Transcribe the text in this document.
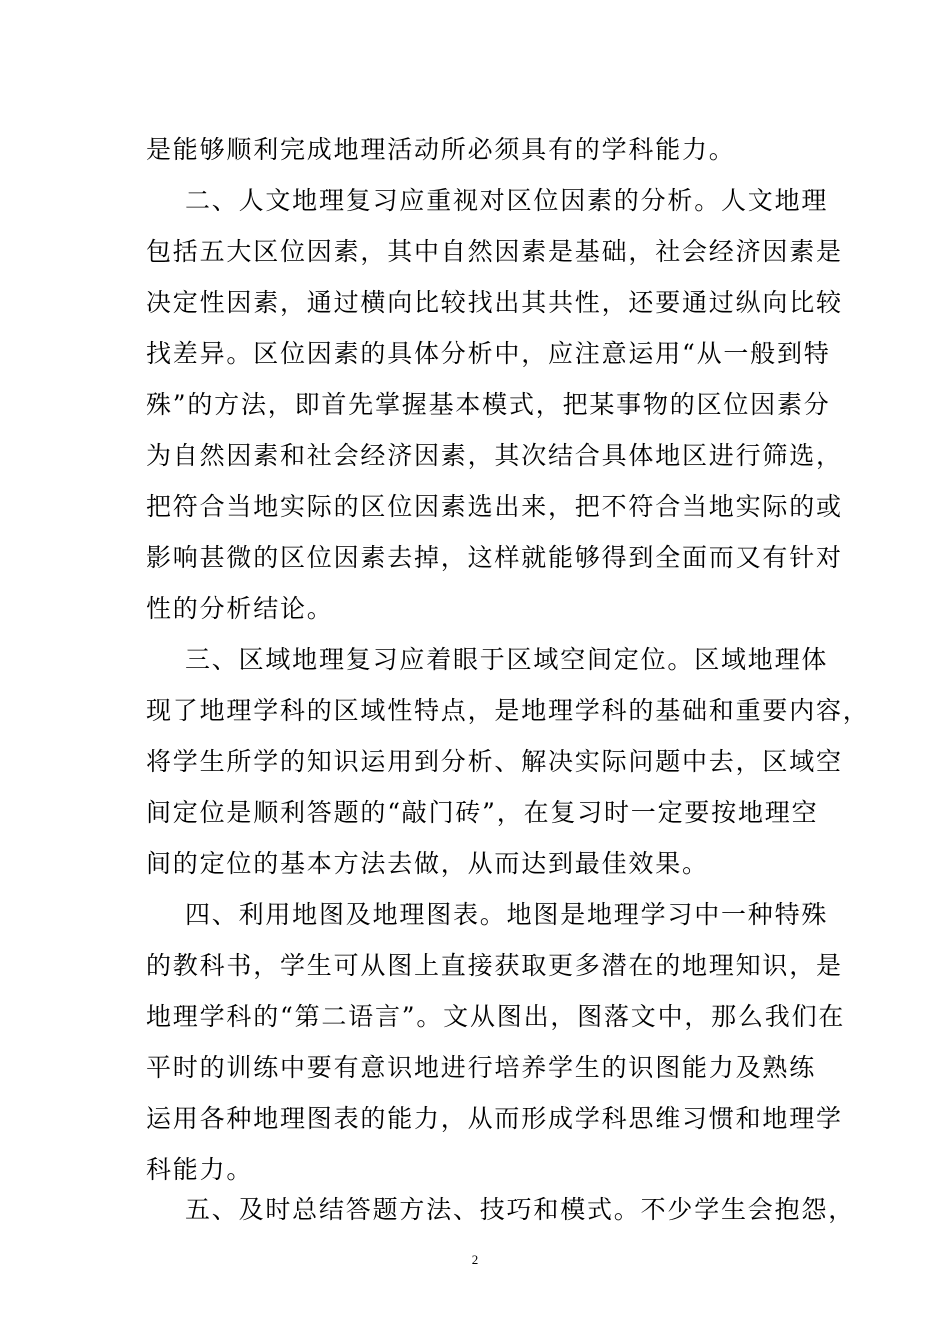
是能够顺利完成地理活动所必须具有的学科能力。
二、人文地理复习应重视对区位因素的分析。人文地理
包括五大区位因素，其中自然因素是基础，社会经济因素是
决定性因素，通过横向比较找出其共性，还要通过纵向比较
找差异。区位因素的具体分析中，应注意运用“从一般到特
殊”的方法，即首先掌握基本模式，把某事物的区位因素分
为自然因素和社会经济因素，其次结合具体地区进行筛选，
把符合当地实际的区位因素选出来，把不符合当地实际的或
影响甚微的区位因素去掉，这样就能够得到全面而又有针对
性的分析结论。
三、区域地理复习应着眼于区域空间定位。区域地理体
现了地理学科的区域性特点，是地理学科的基础和重要内容，
将学生所学的知识运用到分析、解决实际问题中去，区域空
间定位是顺利答题的“敲门砖”，在复习时一定要按地理空
间的定位的基本方法去做，从而达到最佳效果。
四、利用地图及地理图表。地图是地理学习中一种特殊
的教科书，学生可从图上直接获取更多潜在的地理知识，是
地理学科的“第二语言”。文从图出，图落文中，那么我们在
平时的训练中要有意识地进行培养学生的识图能力及熟练
运用各种地理图表的能力，从而形成学科思维习惯和地理学
科能力。
五、及时总结答题方法、技巧和模式。不少学生会抱怨，
2
